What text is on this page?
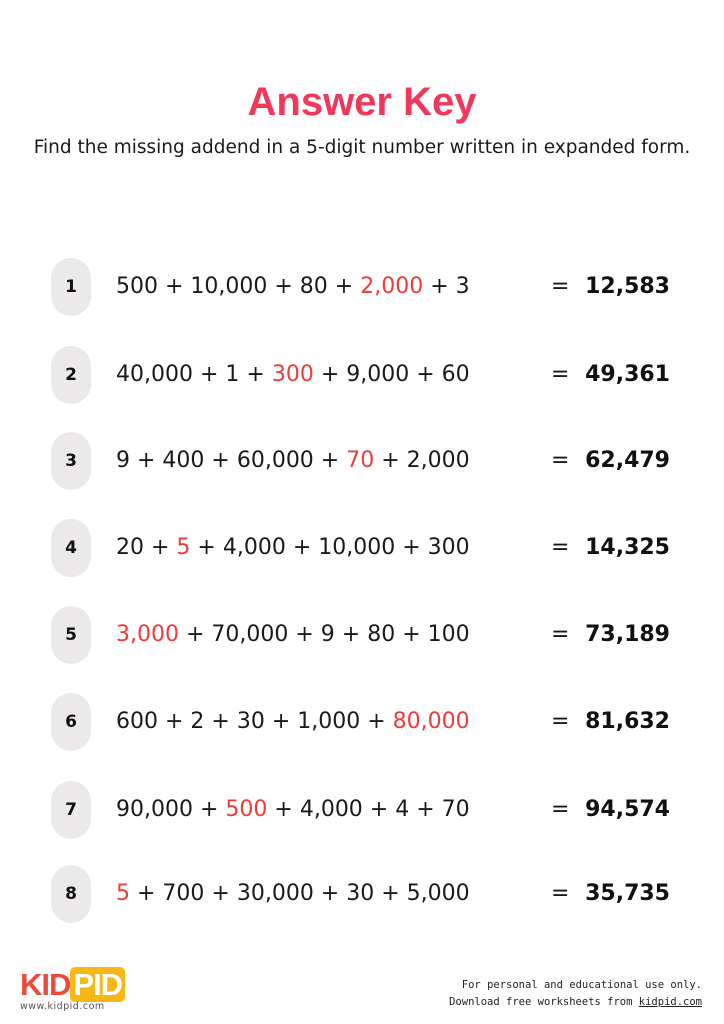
Answer Key
Find the missing addend in a 5-digit number written in expanded form.
1	500 + 10,000 + 80 + 2,000 + 3	= 12,583
2	40,000 + 1 + 300 + 9,000 + 60	= 49,361
3	9 + 400 + 60,000 + 70 + 2,000	= 62,479
4	20 + 5 + 4,000 + 10,000 + 300	= 14,325
5	3,000 + 70,000 + 9 + 80 + 100	= 73,189
6	600 + 2 + 30 + 1,000 + 80,000	= 81,632
7	90,000 + 500 + 4,000 + 4 + 70	= 94,574
8	5 + 700 + 30,000 + 30 + 5,000	= 35,735
KIDPID
www.kidpid.com
For personal and educational use only.
Download free worksheets from kidpid.com
